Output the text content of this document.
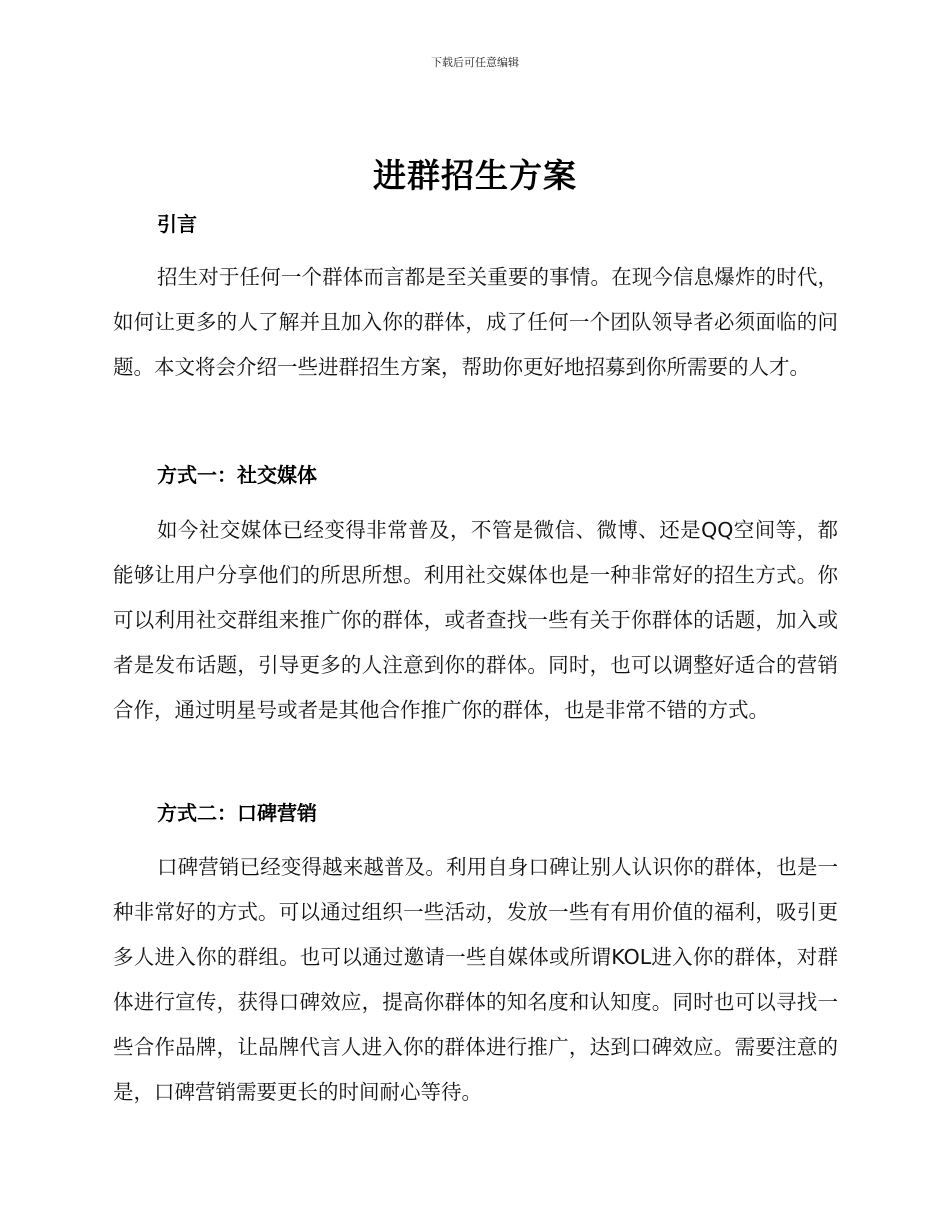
下载后可任意编辑
进群招生方案
引言

招生对于任何一个群体而言都是至关重要的事情。在现今信息爆炸的时代，如何让更多的人了解并且加入你的群体，成了任何一个团队领导者必须面临的问题。本文将会介绍一些进群招生方案，帮助你更好地招募到你所需要的人才。

方式一：社交媒体

如今社交媒体已经变得非常普及，不管是微信、微博、还是QQ空间等，都能够让用户分享他们的所思所想。利用社交媒体也是一种非常好的招生方式。你可以利用社交群组来推广你的群体，或者查找一些有关于你群体的话题，加入或者是发布话题，引导更多的人注意到你的群体。同时，也可以调整好适合的营销合作，通过明星号或者是其他合作推广你的群体，也是非常不错的方式。

方式二：口碑营销

口碑营销已经变得越来越普及。利用自身口碑让别人认识你的群体，也是一种非常好的方式。可以通过组织一些活动，发放一些有有用价值的福利，吸引更多人进入你的群组。也可以通过邀请一些自媒体或所谓KOL进入你的群体，对群体进行宣传，获得口碑效应，提高你群体的知名度和认知度。同时也可以寻找一些合作品牌，让品牌代言人进入你的群体进行推广，达到口碑效应。需要注意的是，口碑营销需要更长的时间耐心等待。
